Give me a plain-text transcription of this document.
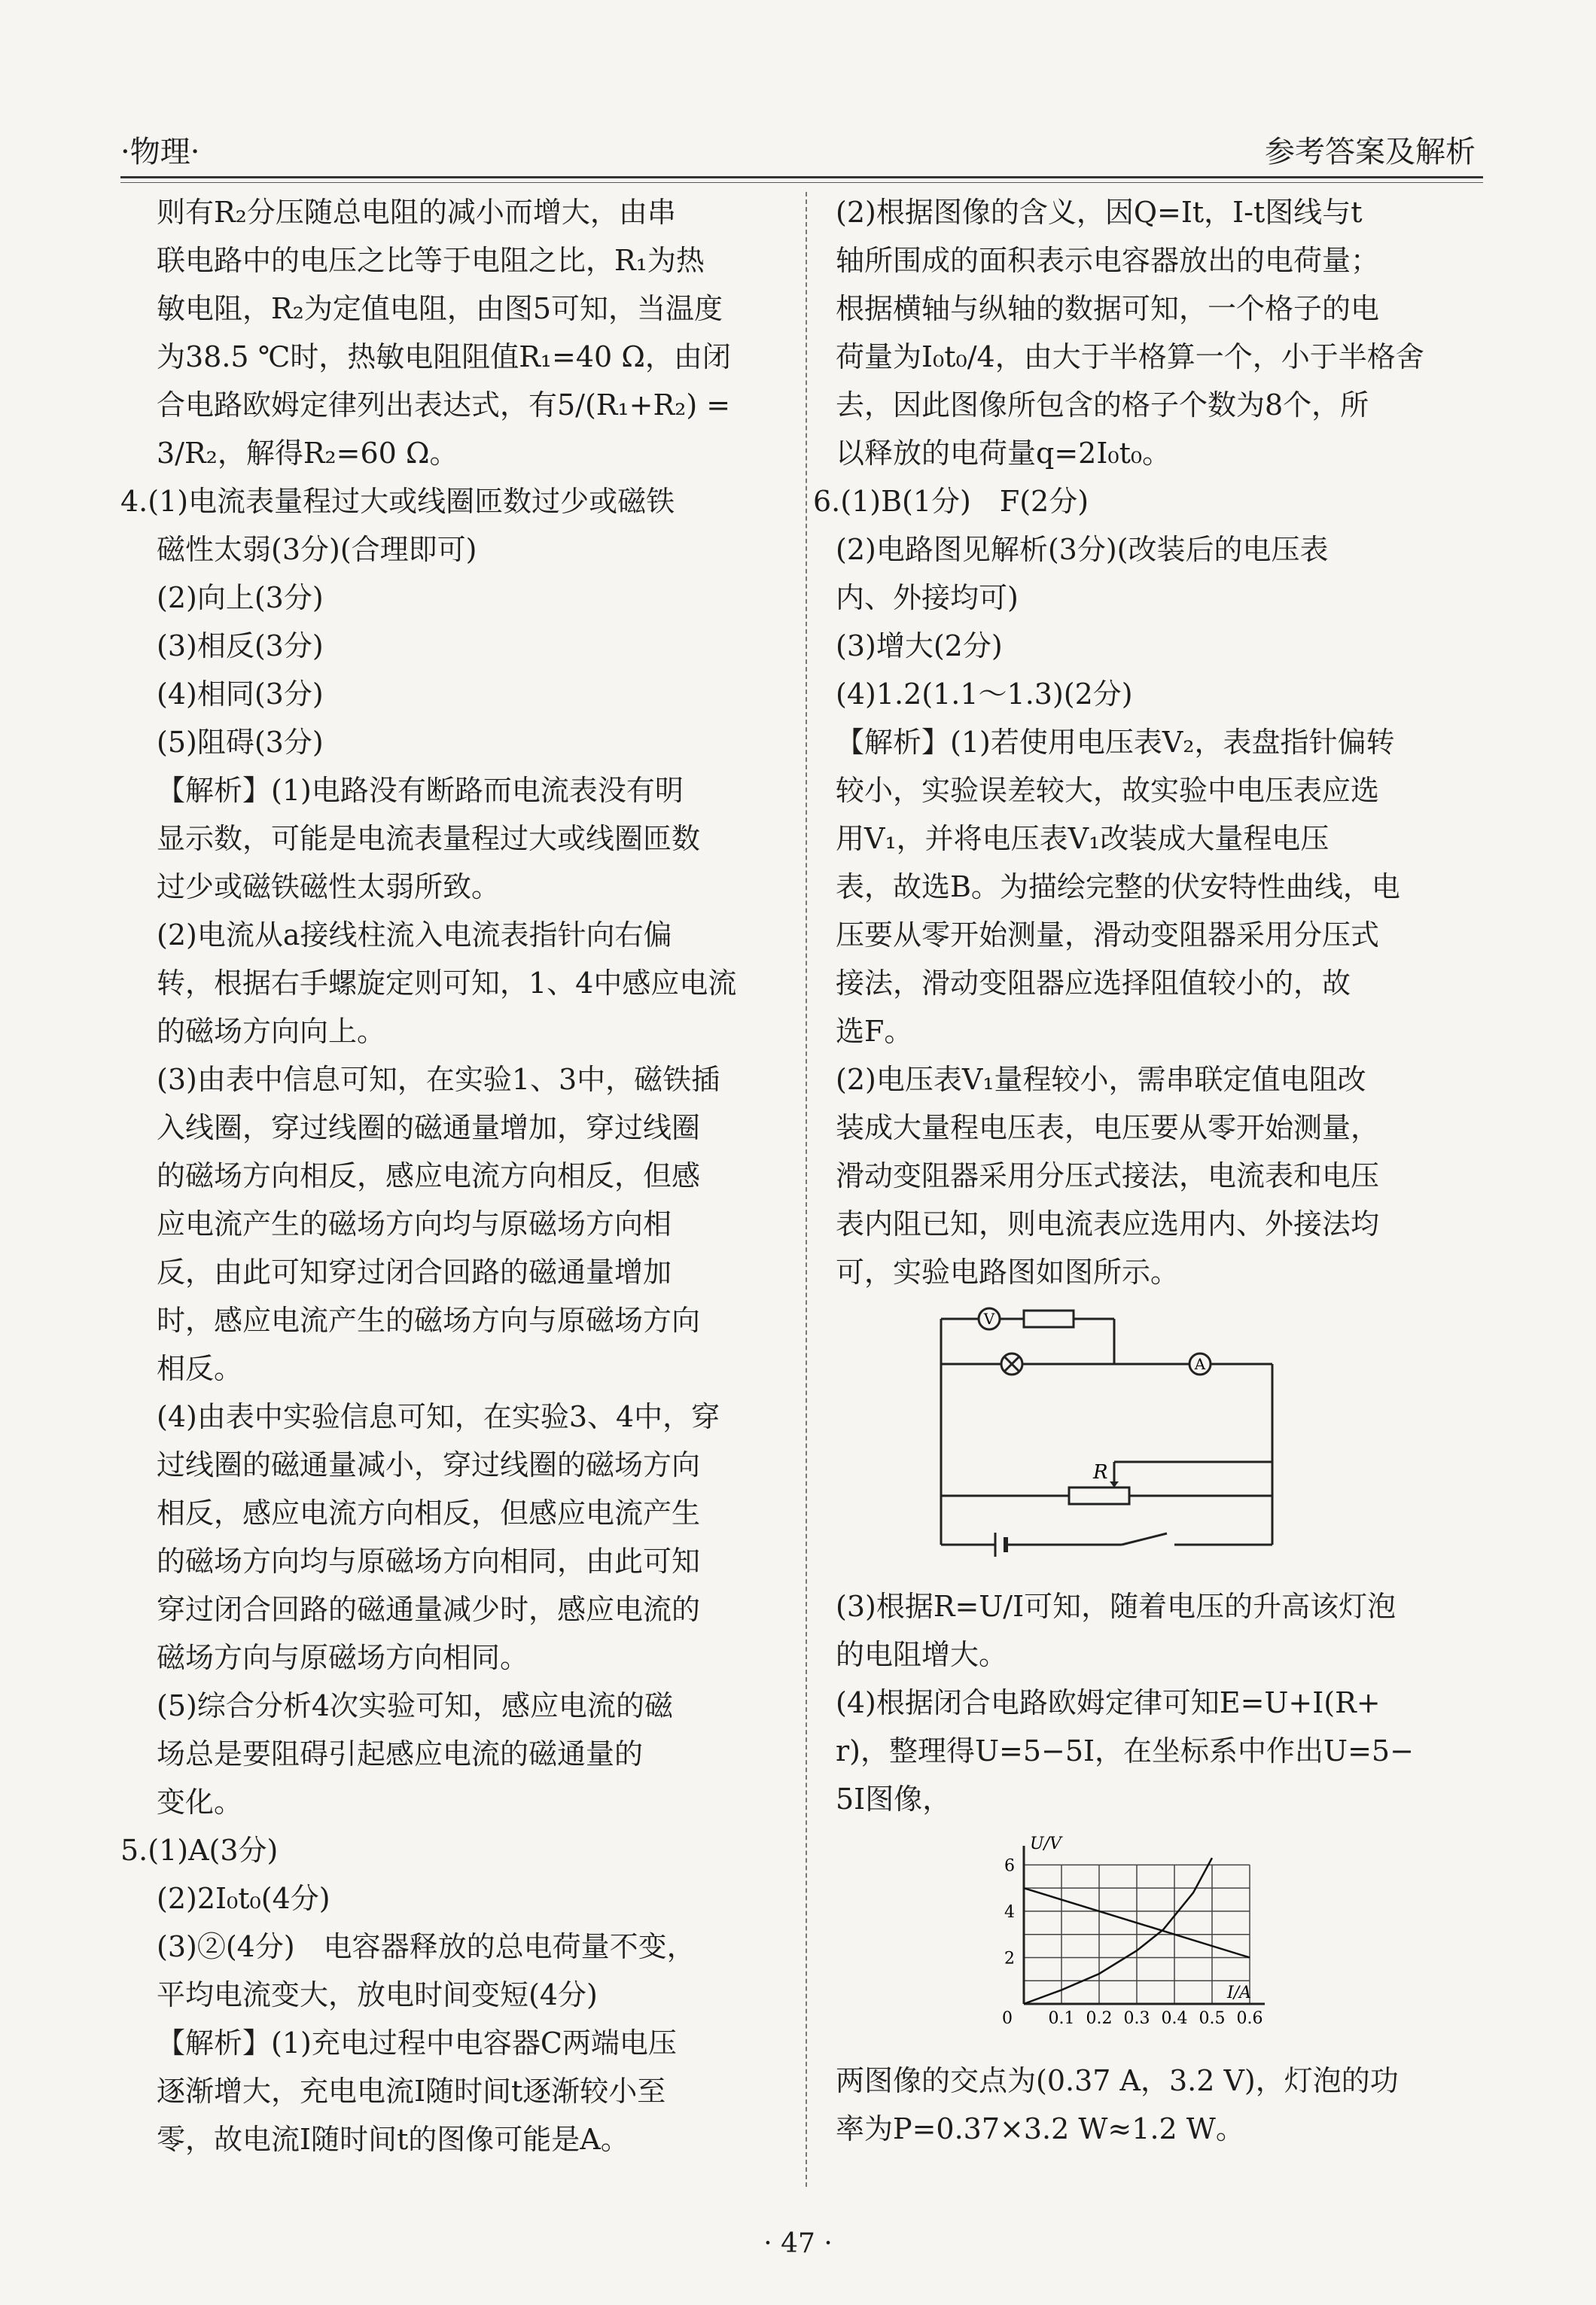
·物理·	参考答案及解析
则有R₂分压随总电阻的减小而增大，由串
联电路中的电压之比等于电阻之比，R₁为热
敏电阻，R₂为定值电阻，由图5可知，当温度
为38.5 ℃时，热敏电阻阻值R₁=40 Ω，由闭
合电路欧姆定律列出表达式，有5/(R₁+R₂) =
3/R₂，解得R₂=60 Ω。
4.(1)电流表量程过大或线圈匝数过少或磁铁
磁性太弱(3分)(合理即可)
(2)向上(3分)
(3)相反(3分)
(4)相同(3分)
(5)阻碍(3分)
【解析】(1)电路没有断路而电流表没有明
显示数，可能是电流表量程过大或线圈匝数
过少或磁铁磁性太弱所致。
(2)电流从a接线柱流入电流表指针向右偏
转，根据右手螺旋定则可知，1、4中感应电流
的磁场方向向上。
(3)由表中信息可知，在实验1、3中，磁铁插
入线圈，穿过线圈的磁通量增加，穿过线圈
的磁场方向相反，感应电流方向相反，但感
应电流产生的磁场方向均与原磁场方向相
反，由此可知穿过闭合回路的磁通量增加
时，感应电流产生的磁场方向与原磁场方向
相反。
(4)由表中实验信息可知，在实验3、4中，穿
过线圈的磁通量减小，穿过线圈的磁场方向
相反，感应电流方向相反，但感应电流产生
的磁场方向均与原磁场方向相同，由此可知
穿过闭合回路的磁通量减少时，感应电流的
磁场方向与原磁场方向相同。
(5)综合分析4次实验可知，感应电流的磁
场总是要阻碍引起感应电流的磁通量的
变化。
5.(1)A(3分)
(2)2I₀t₀(4分)
(3)②(4分)　电容器释放的总电荷量不变，
平均电流变大，放电时间变短(4分)
【解析】(1)充电过程中电容器C两端电压
逐渐增大，充电电流I随时间t逐渐较小至
零，故电流I随时间t的图像可能是A。
(2)根据图像的含义，因Q=It，I-t图线与t
轴所围成的面积表示电容器放出的电荷量；
根据横轴与纵轴的数据可知，一个格子的电
荷量为I₀t₀/4，由大于半格算一个，小于半格舍
去，因此图像所包含的格子个数为8个，所
以释放的电荷量q=2I₀t₀。
6.(1)B(1分)　F(2分)
(2)电路图见解析(3分)(改装后的电压表
内、外接均可)
(3)增大(2分)
(4)1.2(1.1～1.3)(2分)
【解析】(1)若使用电压表V₂，表盘指针偏转
较小，实验误差较大，故实验中电压表应选
用V₁，并将电压表V₁改装成大量程电压
表，故选B。为描绘完整的伏安特性曲线，电
压要从零开始测量，滑动变阻器采用分压式
接法，滑动变阻器应选择阻值较小的，故
选F。
(2)电压表V₁量程较小，需串联定值电阻改
装成大量程电压表，电压要从零开始测量，
滑动变阻器采用分压式接法，电流表和电压
表内阻已知，则电流表应选用内、外接法均
可，实验电路图如图所示。
V
A
R
(3)根据R=U/I可知，随着电压的升高该灯泡
的电阻增大。
(4)根据闭合电路欧姆定律可知E=U+I(R+
r)，整理得U=5−5I，在坐标系中作出U=5−
5I图像，
0 0.1 0.2 0.3 0.4 0.5 0.6
2
4
6
I/A
U/V
两图像的交点为(0.37 A，3.2 V)，灯泡的功
率为P=0.37×3.2 W≈1.2 W。
· 47 ·
